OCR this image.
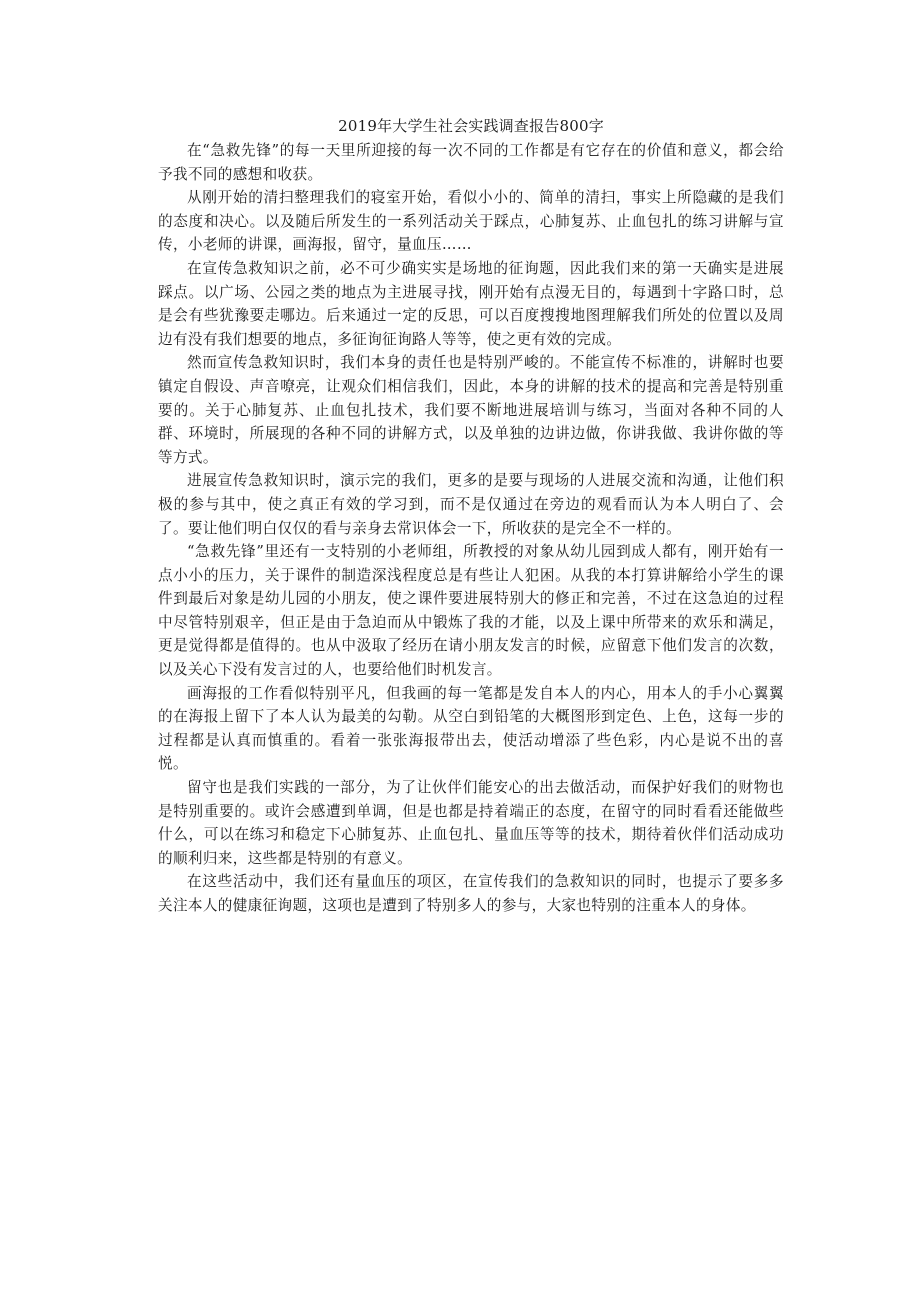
2019年大学生社会实践调查报告800字

在“急救先锋”的每一天里所迎接的每一次不同的工作都是有它存在的价值和意义，都会给予我不同的感想和收获。

从刚开始的清扫整理我们的寝室开始，看似小小的、简单的清扫，事实上所隐藏的是我们的态度和决心。以及随后所发生的一系列活动关于踩点，心肺复苏、止血包扎的练习讲解与宣传，小老师的讲课，画海报，留守，量血压……

在宣传急救知识之前，必不可少确实实是场地的征询题，因此我们来的第一天确实是进展踩点。以广场、公园之类的地点为主进展寻找，刚开始有点漫无目的，每遇到十字路口时，总是会有些犹豫要走哪边。后来通过一定的反思，可以百度搜搜地图理解我们所处的位置以及周边有没有我们想要的地点，多征询征询路人等等，使之更有效的完成。

然而宣传急救知识时，我们本身的责任也是特别严峻的。不能宣传不标准的，讲解时也要镇定自假设、声音嘹亮，让观众们相信我们，因此，本身的讲解的技术的提高和完善是特别重要的。关于心肺复苏、止血包扎技术，我们要不断地进展培训与练习，当面对各种不同的人群、环境时，所展现的各种不同的讲解方式，以及单独的边讲边做，你讲我做、我讲你做的等等方式。

进展宣传急救知识时，演示完的我们，更多的是要与现场的人进展交流和沟通，让他们积极的参与其中，使之真正有效的学习到，而不是仅通过在旁边的观看而认为本人明白了、会了。要让他们明白仅仅的看与亲身去常识体会一下，所收获的是完全不一样的。

“急救先锋”里还有一支特别的小老师组，所教授的对象从幼儿园到成人都有，刚开始有一点小小的压力，关于课件的制造深浅程度总是有些让人犯困。从我的本打算讲解给小学生的课件到最后对象是幼儿园的小朋友，使之课件要进展特别大的修正和完善，不过在这急迫的过程中尽管特别艰辛，但正是由于急迫而从中锻炼了我的才能，以及上课中所带来的欢乐和满足，更是觉得都是值得的。也从中汲取了经历在请小朋友发言的时候，应留意下他们发言的次数，以及关心下没有发言过的人，也要给他们时机发言。

画海报的工作看似特别平凡，但我画的每一笔都是发自本人的内心，用本人的手小心翼翼的在海报上留下了本人认为最美的勾勒。从空白到铅笔的大概图形到定色、上色，这每一步的过程都是认真而慎重的。看着一张张海报带出去，使活动增添了些色彩，内心是说不出的喜悦。

留守也是我们实践的一部分，为了让伙伴们能安心的出去做活动，而保护好我们的财物也是特别重要的。或许会感遭到单调，但是也都是持着端正的态度，在留守的同时看看还能做些什么，可以在练习和稳定下心肺复苏、止血包扎、量血压等等的技术，期待着伙伴们活动成功的顺利归来，这些都是特别的有意义。

在这些活动中，我们还有量血压的项区，在宣传我们的急救知识的同时，也提示了要多多关注本人的健康征询题，这项也是遭到了特别多人的参与，大家也特别的注重本人的身体。
